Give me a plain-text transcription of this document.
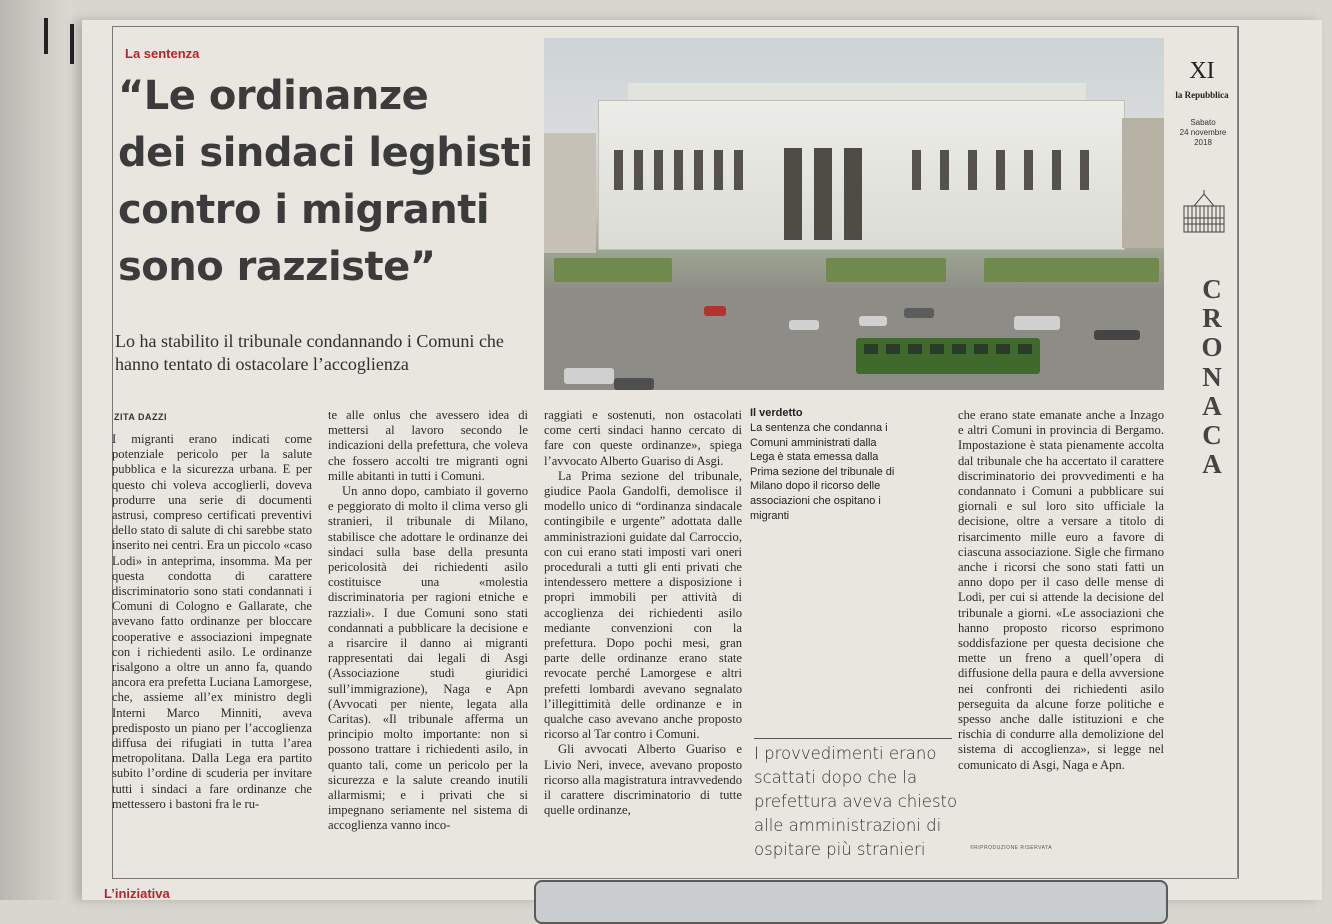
La sentenza
“Le ordinanze
dei sindaci leghisti
contro i migranti
sono razziste”
Lo ha stabilito il tribunale condannando i Comuni che hanno tentato di ostacolare l’accoglienza
XI
la Repubblica
Sabato
24 novembre 2018
C
R
O
N
A
C
A
ZITA DAZZI

I migranti erano indicati come potenziale pericolo per la salute pubblica e la sicurezza urbana. E per questo chi voleva accoglierli, doveva produrre una serie di documenti astrusi, compreso certificati preventivi dello stato di salute di chi sarebbe stato inserito nei centri. Era un piccolo «caso Lodi» in anteprima, insomma. Ma per questa condotta di carattere discriminatorio sono stati condannati i Comuni di Cologno e Gallarate, che avevano fatto ordinanze per bloccare cooperative e associazioni impegnate con i richiedenti asilo. Le ordinanze risalgono a oltre un anno fa, quando ancora era prefetta Luciana Lamorgese, che, assieme all’ex ministro degli Interni Marco Minniti, aveva predisposto un piano per l’accoglienza diffusa dei rifugiati in tutta l’area metropolitana. Dalla Lega era partito subito l’ordine di scuderia per invitare tutti i sindaci a fare ordinanze che mettessero i bastoni fra le ru-

te alle onlus che avessero idea di mettersi al lavoro secondo le indicazioni della prefettura, che voleva che fossero accolti tre migranti ogni mille abitanti in tutti i Comuni.

Un anno dopo, cambiato il governo e peggiorato di molto il clima verso gli stranieri, il tribunale di Milano, stabilisce che adottare le ordinanze dei sindaci sulla base della presunta pericolosità dei richiedenti asilo costituisce una «molestia discriminatoria per ragioni etniche e razziali». I due Comuni sono stati condannati a pubblicare la decisione e a risarcire il danno ai migranti rappresentati dai legali di Asgi (Associazione studi giuridici sull’immigrazione), Naga e Apn (Avvocati per niente, legata alla Caritas). «Il tribunale afferma un principio molto importante: non si possono trattare i richiedenti asilo, in quanto tali, come un pericolo per la sicurezza e la salute creando inutili allarmismi; e i privati che si impegnano seriamente nel sistema di accoglienza vanno inco-

raggiati e sostenuti, non ostacolati come certi sindaci hanno cercato di fare con queste ordinanze», spiega l’avvocato Alberto Guariso di Asgi.

La Prima sezione del tribunale, giudice Paola Gandolfi, demolisce il modello unico di “ordinanza sindacale contingibile e urgente” adottata dalle amministrazioni guidate dal Carroccio, con cui erano stati imposti vari oneri procedurali a tutti gli enti privati che intendessero mettere a disposizione i propri immobili per attività di accoglienza dei richiedenti asilo mediante convenzioni con la prefettura. Dopo pochi mesi, gran parte delle ordinanze erano state revocate perché Lamorgese e altri prefetti lombardi avevano segnalato l’illegittimità delle ordinanze e in qualche caso avevano anche proposto ricorso al Tar contro i Comuni.

Gli avvocati Alberto Guariso e Livio Neri, invece, avevano proposto ricorso alla magistratura intravvedendo il carattere discriminatorio di tutte quelle ordinanze,

che erano state emanate anche a Inzago e altri Comuni in provincia di Bergamo. Impostazione è stata pienamente accolta dal tribunale che ha accertato il carattere discriminatorio dei provvedimenti e ha condannato i Comuni a pubblicare sui giornali e sul loro sito ufficiale la decisione, oltre a versare a titolo di risarcimento mille euro a favore di ciascuna associazione. Sigle che firmano anche i ricorsi che sono stati fatti un anno dopo per il caso delle mense di Lodi, per cui si attende la decisione del tribunale a giorni. «Le associazioni che hanno proposto ricorso esprimono soddisfazione per questa decisione che mette un freno a quell’opera di diffusione della paura e della avversione nei confronti dei richiedenti asilo perseguita da alcune forze politiche e spesso anche dalle istituzioni e che rischia di condurre alla demolizione del sistema di accoglienza», si legge nel comunicato di Asgi, Naga e Apn.

Il verdetto
La sentenza che condanna i Comuni amministrati dalla Lega è stata emessa dalla Prima sezione del tribunale di Milano dopo il ricorso delle associazioni che ospitano i migranti
I provvedimenti erano scattati dopo che la prefettura aveva chiesto alle amministrazioni di ospitare più stranieri	©RIPRODUZIONE RISERVATA
L’iniziativa
